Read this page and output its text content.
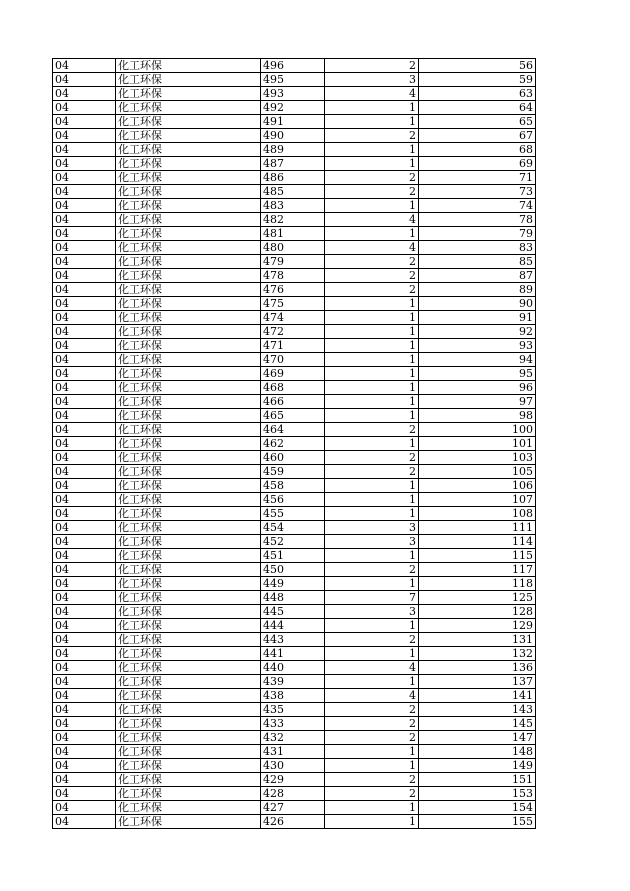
04	化工环保	496	2	56
04	化工环保	495	3	59
04	化工环保	493	4	63
04	化工环保	492	1	64
04	化工环保	491	1	65
04	化工环保	490	2	67
04	化工环保	489	1	68
04	化工环保	487	1	69
04	化工环保	486	2	71
04	化工环保	485	2	73
04	化工环保	483	1	74
04	化工环保	482	4	78
04	化工环保	481	1	79
04	化工环保	480	4	83
04	化工环保	479	2	85
04	化工环保	478	2	87
04	化工环保	476	2	89
04	化工环保	475	1	90
04	化工环保	474	1	91
04	化工环保	472	1	92
04	化工环保	471	1	93
04	化工环保	470	1	94
04	化工环保	469	1	95
04	化工环保	468	1	96
04	化工环保	466	1	97
04	化工环保	465	1	98
04	化工环保	464	2	100
04	化工环保	462	1	101
04	化工环保	460	2	103
04	化工环保	459	2	105
04	化工环保	458	1	106
04	化工环保	456	1	107
04	化工环保	455	1	108
04	化工环保	454	3	111
04	化工环保	452	3	114
04	化工环保	451	1	115
04	化工环保	450	2	117
04	化工环保	449	1	118
04	化工环保	448	7	125
04	化工环保	445	3	128
04	化工环保	444	1	129
04	化工环保	443	2	131
04	化工环保	441	1	132
04	化工环保	440	4	136
04	化工环保	439	1	137
04	化工环保	438	4	141
04	化工环保	435	2	143
04	化工环保	433	2	145
04	化工环保	432	2	147
04	化工环保	431	1	148
04	化工环保	430	1	149
04	化工环保	429	2	151
04	化工环保	428	2	153
04	化工环保	427	1	154
04	化工环保	426	1	155
